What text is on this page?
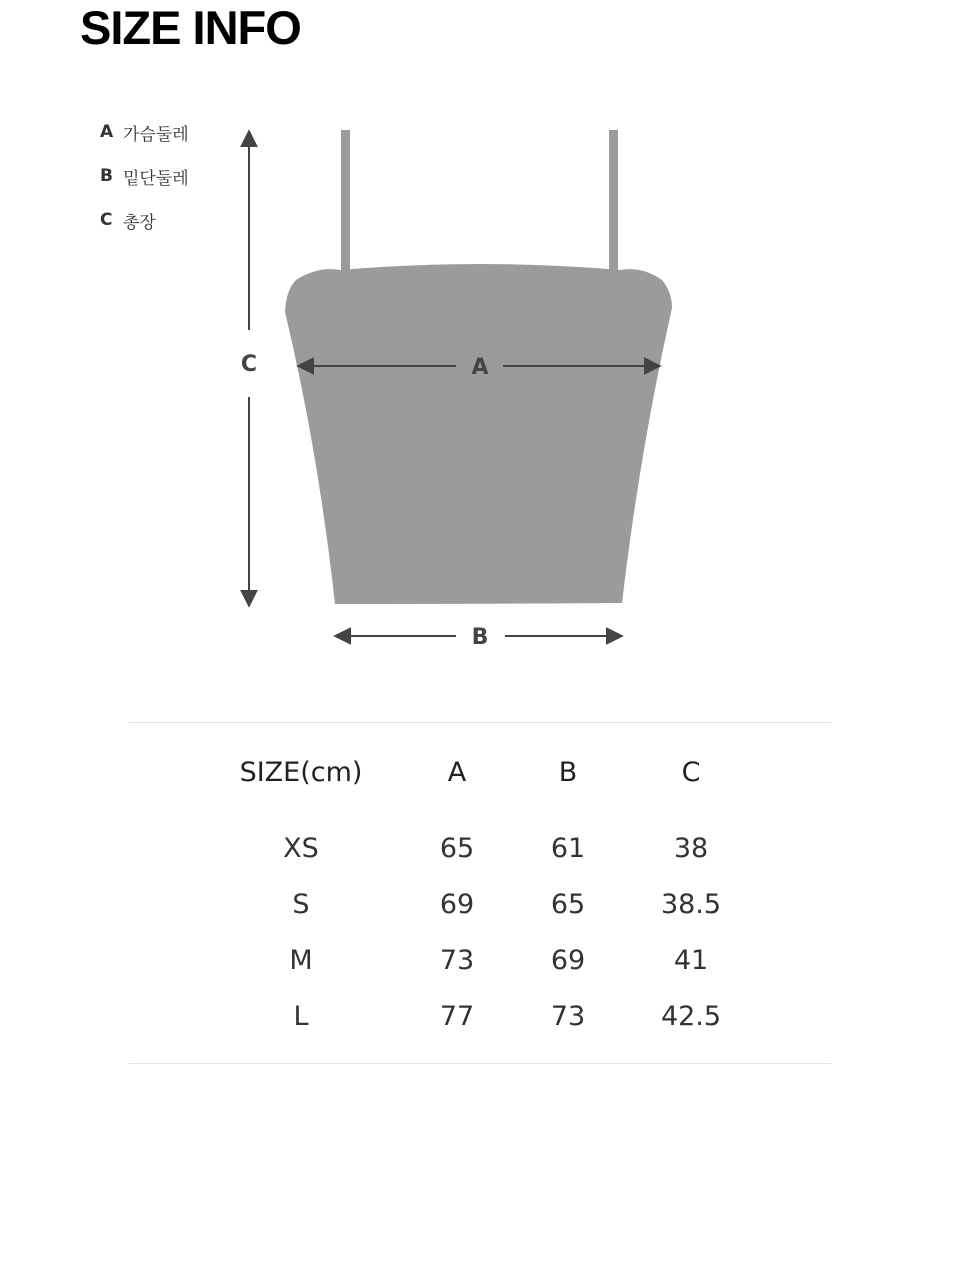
SIZE INFO
A 가슴둘레
B 밑단둘레
C 총장
A
B
C
SIZE(cm)	A	B	C
XS	65	61	38
S	69	65	38.5
M	73	69	41
L	77	73	42.5
